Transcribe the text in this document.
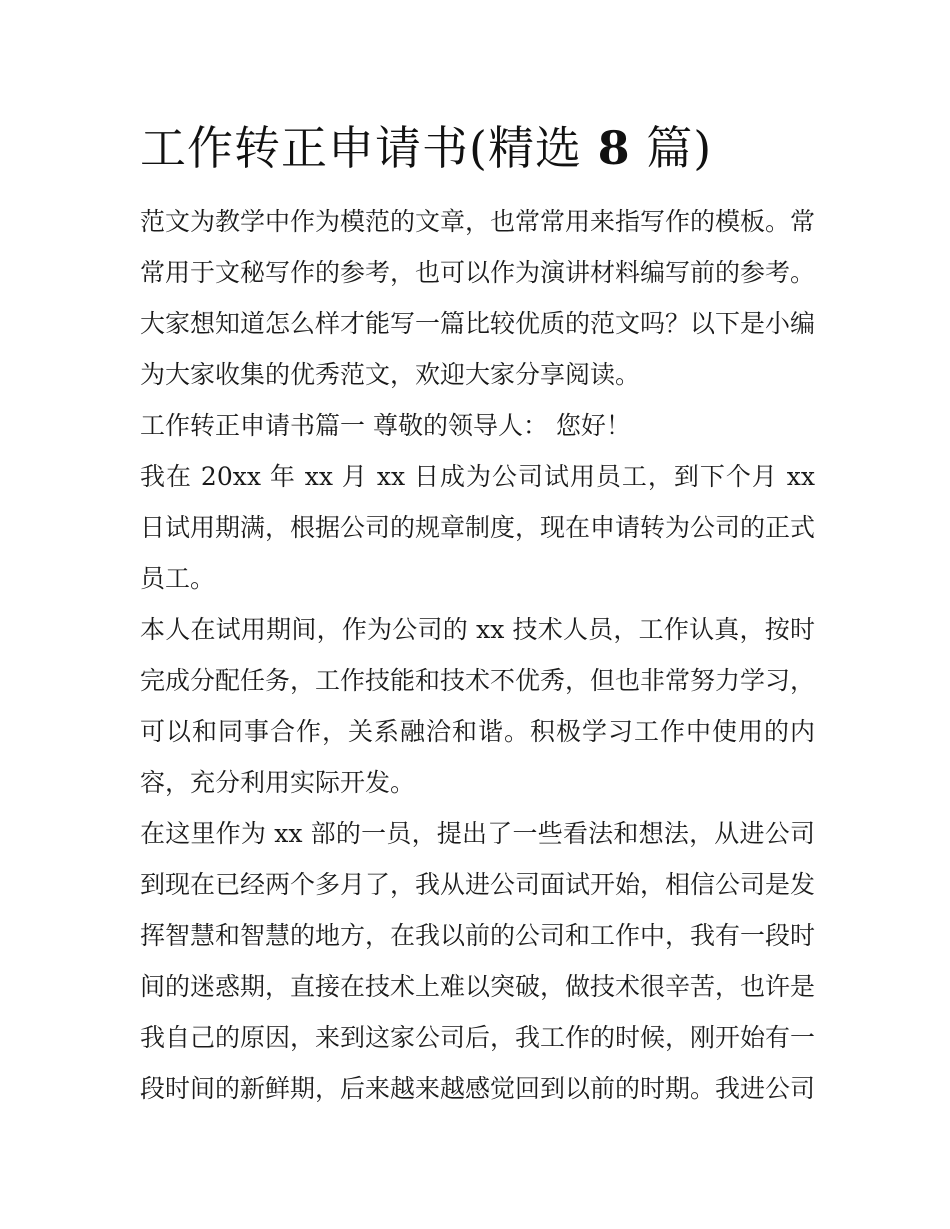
工作转正申请书(精选 8 篇)

范文为教学中作为模范的文章，也常常用来指写作的模板。常常用于文秘写作的参考，也可以作为演讲材料编写前的参考。大家想知道怎么样才能写一篇比较优质的范文吗？以下是小编为大家收集的优秀范文，欢迎大家分享阅读。

工作转正申请书篇一 尊敬的领导人： 您好！

我在 20xx 年 xx 月 xx 日成为公司试用员工，到下个月 xx 日试用期满，根据公司的规章制度，现在申请转为公司的正式员工。

本人在试用期间，作为公司的 xx 技术人员，工作认真，按时完成分配任务，工作技能和技术不优秀，但也非常努力学习，可以和同事合作，关系融洽和谐。积极学习工作中使用的内容，充分利用实际开发。

在这里作为 xx 部的一员，提出了一些看法和想法，从进公司到现在已经两个多月了，我从进公司面试开始，相信公司是发挥智慧和智慧的地方，在我以前的公司和工作中，我有一段时间的迷惑期，直接在技术上难以突破，做技术很辛苦，也许是我自己的原因，来到这家公司后，我工作的时候，刚开始有一段时间的新鲜期，后来越来越感觉回到以前的时期。我进公司
